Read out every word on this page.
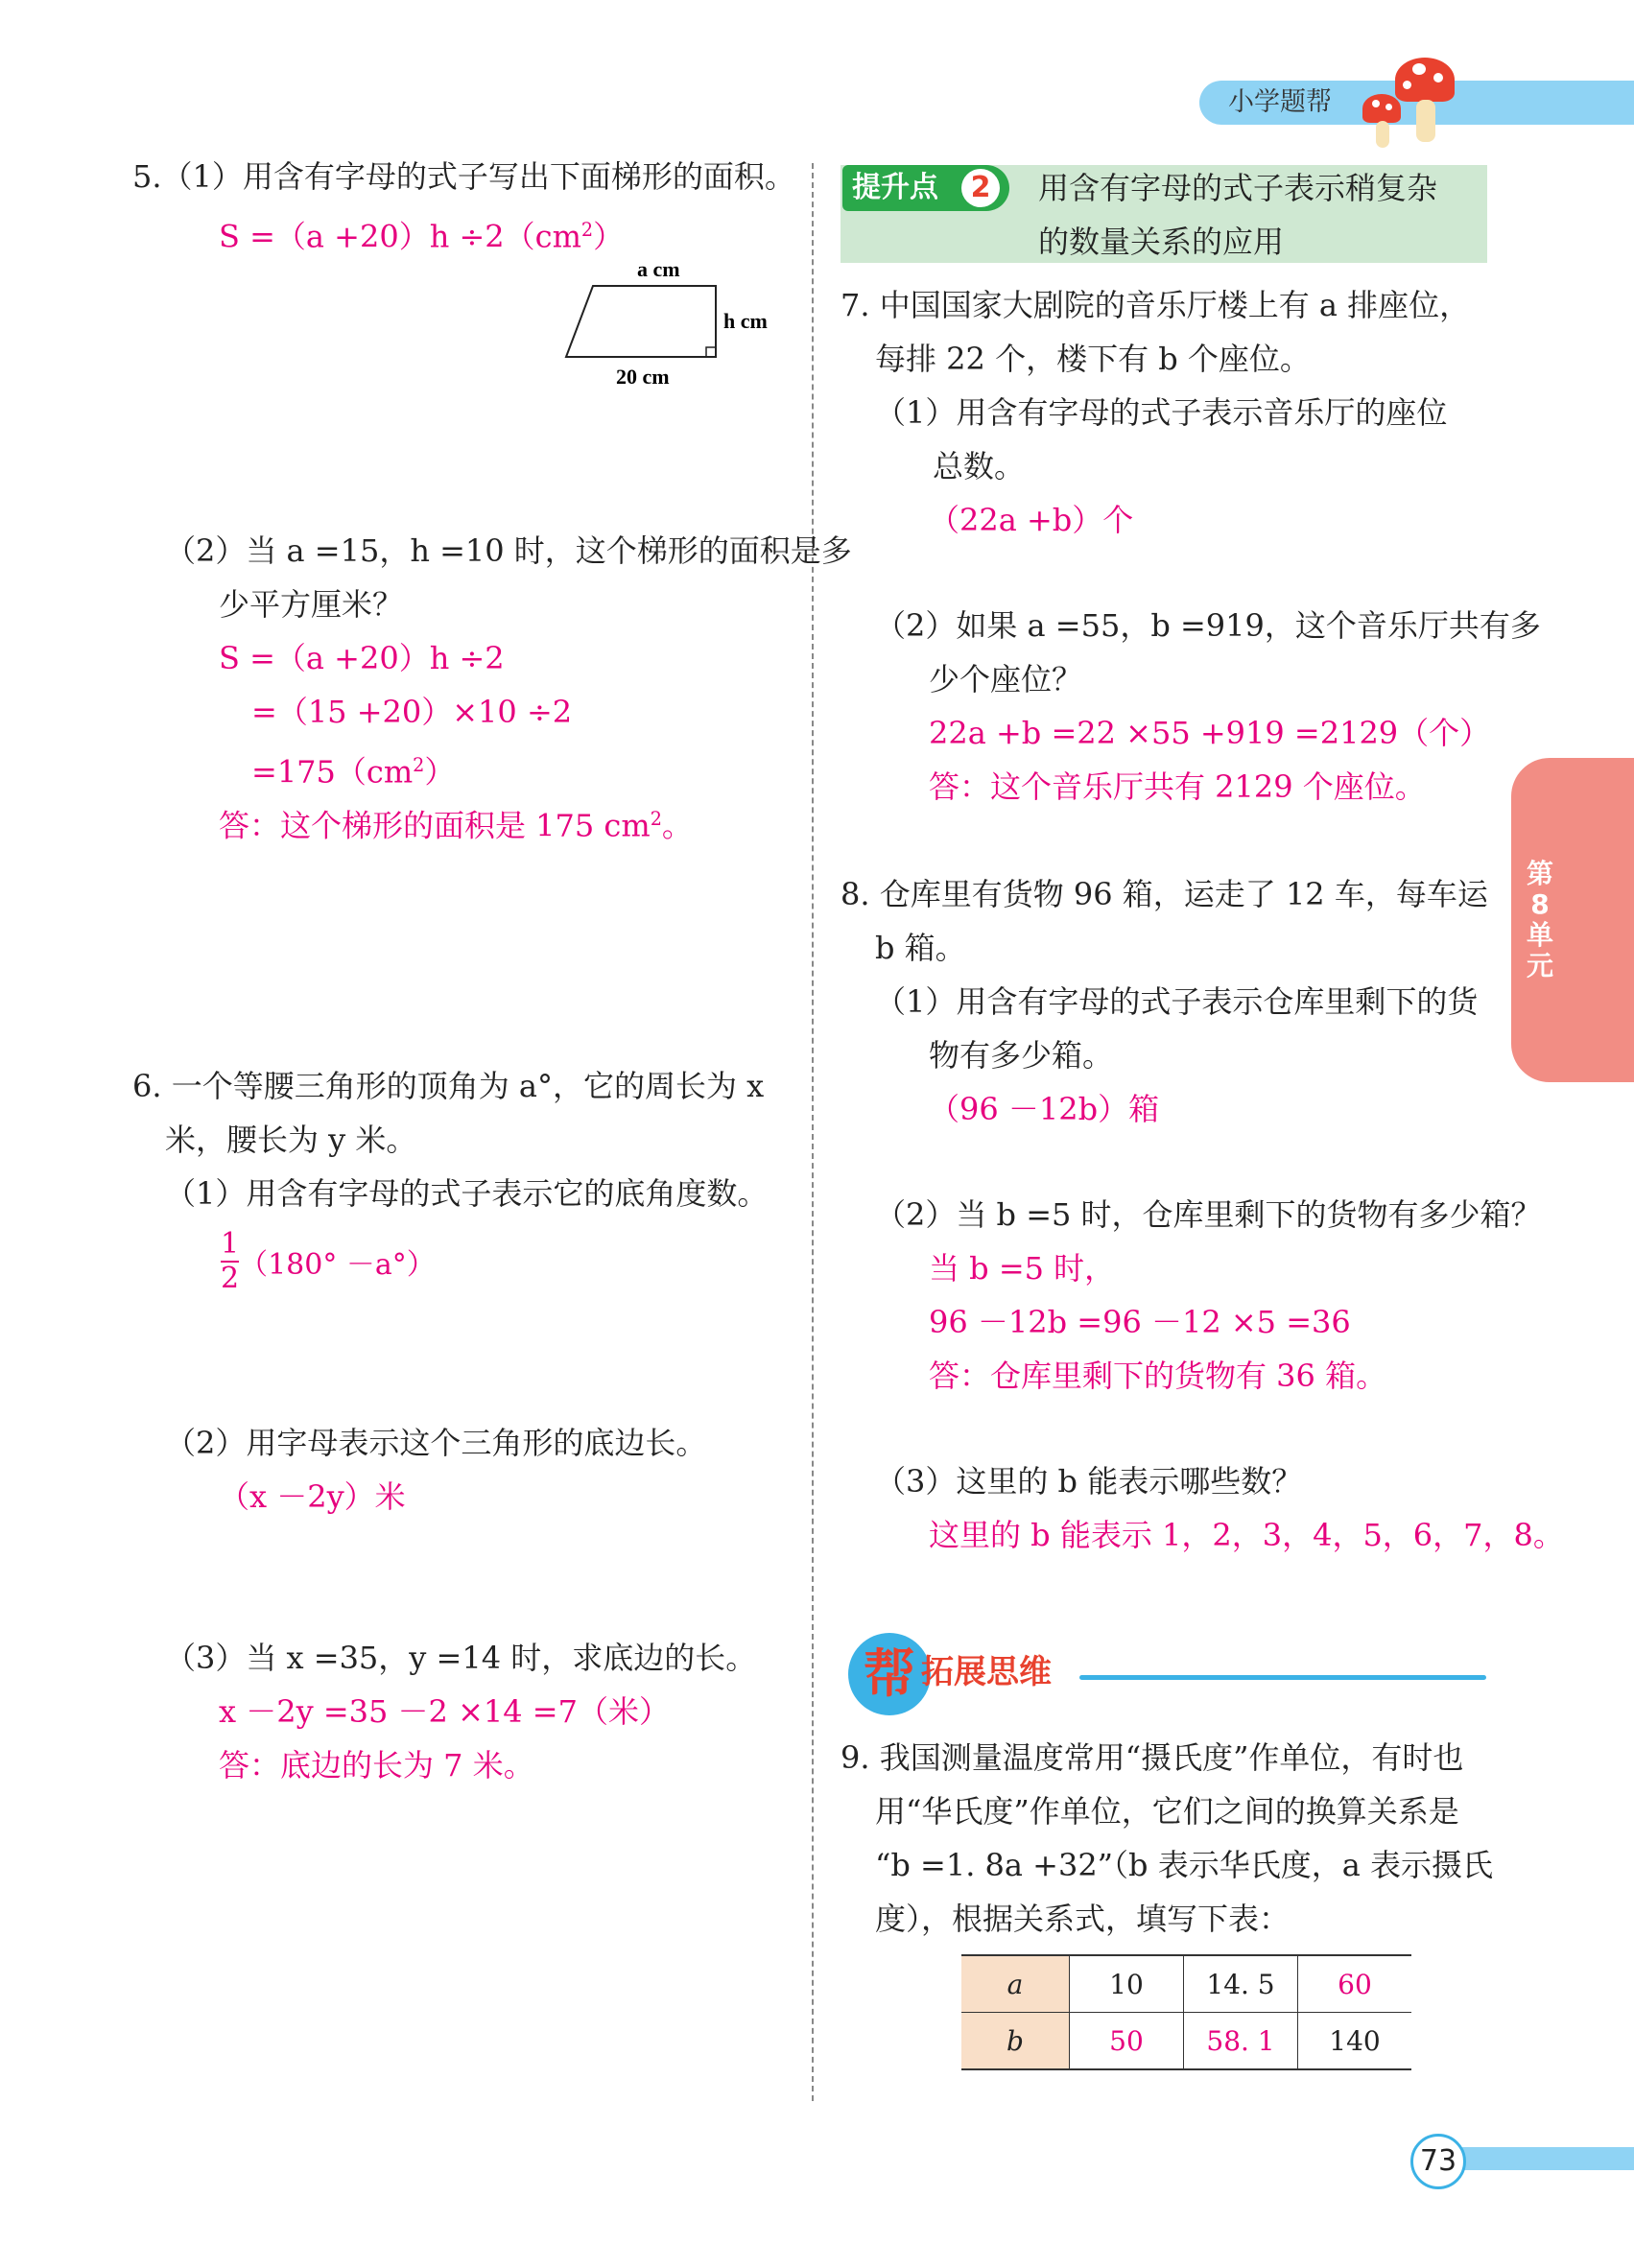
小学题帮
5.（1）用含有字母的式子写出下面梯形的面积。
$S =(a +20)h \div 2(cm^2)$
a cm
h cm
20 cm
（2）当 a =15，h =10 时，这个梯形的面积是多
少平方厘米？
S =（a +20）h ÷2
=（15 +20）×10 ÷2
$=175(cm^2)$
答：这个梯形的面积是 175 $cm^2$。
6. 一个等腰三角形的顶角为 a°，它的周长为 x
米，腰长为 y 米。
（1）用含有字母的式子表示它的底角度数。
$\frac{1}{2} (180^\circ -a^\circ)$
（2）用字母表示这个三角形的底边长。
（x －2y）米
（3）当 x =35，y =14 时，求底边的长。
x －2y =35 －2 ×14 =7（米）
答：底边的长为 7 米。
提升点	2 用含有字母的式子表示稍复杂
的数量关系的应用
7. 中国国家大剧院的音乐厅楼上有 a 排座位，
每排 22 个，楼下有 b 个座位。
（1）用含有字母的式子表示音乐厅的座位
总数。
（22a +b）个
（2）如果 a =55，b =919，这个音乐厅共有多
少个座位？
22a +b =22 ×55 +919 =2129（个）
答：这个音乐厅共有 2129 个座位。
8. 仓库里有货物 96 箱，运走了 12 车，每车运
b 箱。
（1）用含有字母的式子表示仓库里剩下的货
物有多少箱。
（96 －12b）箱
（2）当 b =5 时，仓库里剩下的货物有多少箱？
当 b =5 时，
96 －12b =96 －12 ×5 =36
答：仓库里剩下的货物有 36 箱。
（3）这里的 b 能表示哪些数？
这里的 b 能表示 1，2，3，4，5，6，7，8。
帮 拓展思维
9. 我国测量温度常用“摄氏度”作单位，有时也
用“华氏度”作单位，它们之间的换算关系是
“b =1. 8a +32”（b 表示华氏度，a 表示摄氏
度），根据关系式，填写下表：
a	10	14. 5	60
b	50	58. 1	140
第8单元
73
